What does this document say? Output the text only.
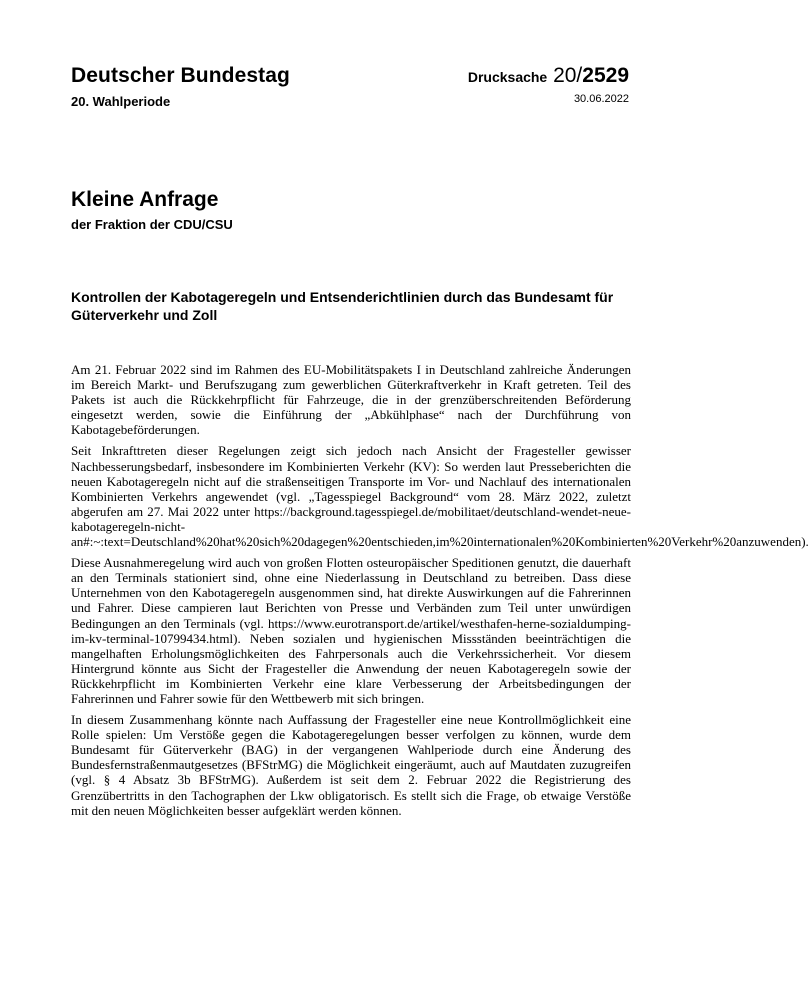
Deutscher Bundestag
20. Wahlperiode
Drucksache 20/2529
30.06.2022
Kleine Anfrage
der Fraktion der CDU/CSU
Kontrollen der Kabotageregeln und Entsenderichtlinien durch das Bundesamt für Güterverkehr und Zoll

Am 21. Februar 2022 sind im Rahmen des EU-Mobilitätspakets I in Deutschland zahlreiche Änderungen im Bereich Markt- und Berufszugang zum gewerblichen Güterkraftverkehr in Kraft getreten. Teil des Pakets ist auch die Rückkehrpflicht für Fahrzeuge, die in der grenzüberschreitenden Beförderung eingesetzt werden, sowie die Einführung der „Abkühlphase“ nach der Durchführung von Kabotagebeförderungen.

Seit Inkrafttreten dieser Regelungen zeigt sich jedoch nach Ansicht der Fragesteller gewisser Nachbesserungsbedarf, insbesondere im Kombinierten Verkehr (KV): So werden laut Presseberichten die neuen Kabotageregeln nicht auf die straßenseitigen Transporte im Vor- und Nachlauf des internationalen Kombinierten Verkehrs angewendet (vgl. „Tagesspiegel Background“ vom 28. März 2022, zuletzt abgerufen am 27. Mai 2022 unter https://background.tagesspiegel.de/mobilitaet/deutschland-wendet-neue-kabotageregeln-nicht-an#:~:text=Deutschland%20hat%20sich%20dagegen%20entschieden,im%20internationalen%20Kombinierten%20Verkehr%20anzuwenden).

Diese Ausnahmeregelung wird auch von großen Flotten osteuropäischer Speditionen genutzt, die dauerhaft an den Terminals stationiert sind, ohne eine Niederlassung in Deutschland zu betreiben. Dass diese Unternehmen von den Kabotageregeln ausgenommen sind, hat direkte Auswirkungen auf die Fahrerinnen und Fahrer. Diese campieren laut Berichten von Presse und Verbänden zum Teil unter unwürdigen Bedingungen an den Terminals (vgl. https://www.eurotransport.de/artikel/westhafen-herne-sozialdumping-im-kv-terminal-10799434.html). Neben sozialen und hygienischen Missständen beeinträchtigen die mangelhaften Erholungsmöglichkeiten des Fahrpersonals auch die Verkehrssicherheit. Vor diesem Hintergrund könnte aus Sicht der Fragesteller die Anwendung der neuen Kabotageregeln sowie der Rückkehrpflicht im Kombinierten Verkehr eine klare Verbesserung der Arbeitsbedingungen der Fahrerinnen und Fahrer sowie für den Wettbewerb mit sich bringen.

In diesem Zusammenhang könnte nach Auffassung der Fragesteller eine neue Kontrollmöglichkeit eine Rolle spielen: Um Verstöße gegen die Kabotageregelungen besser verfolgen zu können, wurde dem Bundesamt für Güterverkehr (BAG) in der vergangenen Wahlperiode durch eine Änderung des Bundesfernstraßenmautgesetzes (BFStrMG) die Möglichkeit eingeräumt, auch auf Mautdaten zuzugreifen (vgl. § 4 Absatz 3b BFStrMG). Außerdem ist seit dem 2. Februar 2022 die Registrierung des Grenzübertritts in den Tachographen der Lkw obligatorisch. Es stellt sich die Frage, ob etwaige Verstöße mit den neuen Möglichkeiten besser aufgeklärt werden können.
